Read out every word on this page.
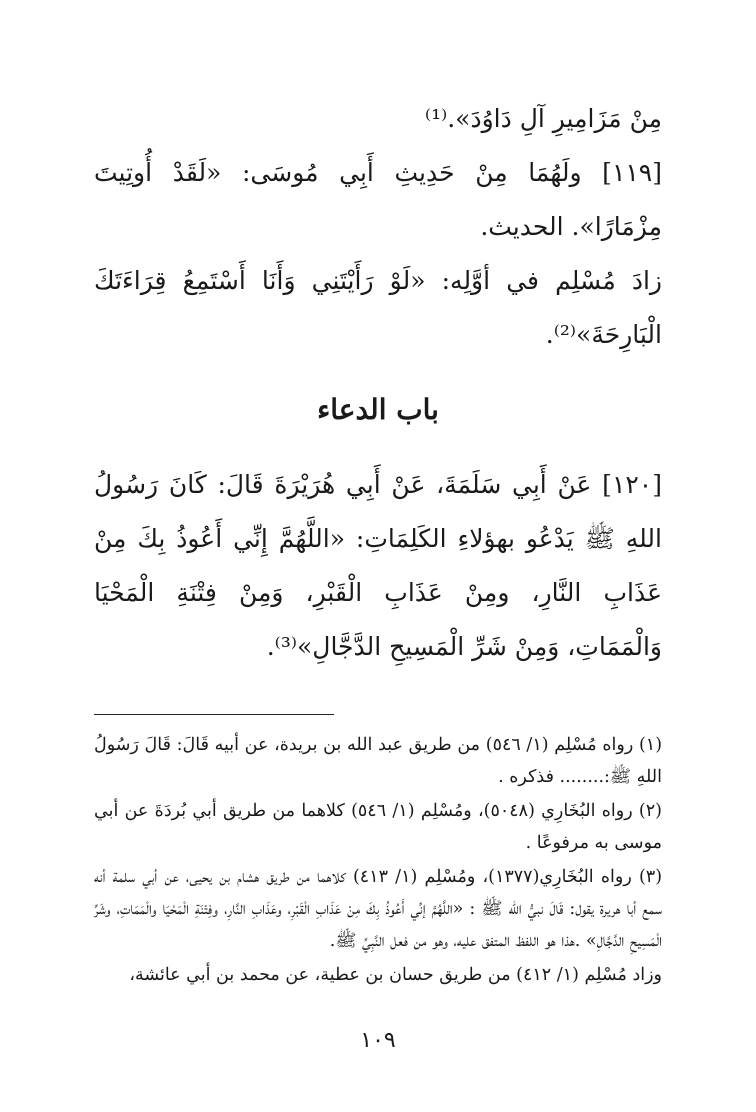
مِنْ مَزَامِيرِ آلِ دَاوُدَ».⁽¹⁾

[١١٩] ولَهُمَا مِنْ حَدِيثِ أَبِي مُوسَى: «لَقَدْ أُوتِيتَ مِزْمَارًا». الحديث.

زادَ مُسْلِم في أوَّلِه: «لَوْ رَأَيْتَنِي وَأَنَا أَسْتَمِعُ قِرَاءَتَكَ الْبَارِحَةَ»⁽²⁾.

باب الدعاء

[١٢٠] عَنْ أَبِي سَلَمَةَ، عَنْ أَبِي هُرَيْرَةَ قَالَ: كَانَ رَسُولُ اللهِ ﷺ يَدْعُو بهؤلاءِ الكَلِمَاتِ: «اللَّهُمَّ إِنِّي أَعُوذُ بِكَ مِنْ عَذَابِ النَّارِ، ومِنْ عَذَابِ الْقَبْرِ، وَمِنْ فِتْنَةِ الْمَحْيَا وَالْمَمَاتِ، وَمِنْ شَرِّ الْمَسِيحِ الدَّجَّالِ»⁽³⁾.

(١) رواه مُسْلِم (١/ ٥٤٦) من طريق عبد الله بن بريدة، عن أبيه قَالَ: قَالَ رَسُولُ اللهِ ﷺ:........ فذكره .

(٢) رواه البُخَارِي (٥٠٤٨)، ومُسْلِم (١/ ٥٤٦) كلاهما من طريق أبي بُردَةَ عن أبي موسى به مرفوعًا .

(٣) رواه البُخَارِي(١٣٧٧)، ومُسْلِم (١/ ٤١٣) كلاهما من طريق هشام بن يحيى، عن أبي سلمة أنه سمع أبا هريرة يقول: قَالَ نبيُّ الله ﷺ : «اللَّهُمَّ إنِّي أَعُوذُ بِكَ مِنْ عَذَابِ الْقَبْرِ، وعَذَابِ النَّارِ، وفِتْنَةِ الْمَحْيَا والْمَمَاتِ، وشَرِّ الْمَسِيحِ الدَّجَّالِ» .هذا هو اللفظ المتفق عليه، وهو من فعل النَّبِيِّ ﷺ.

وزاد مُسْلِم (١/ ٤١٢) من طريق حسان بن عطية، عن محمد بن أبي عائشة،

١٠٩
